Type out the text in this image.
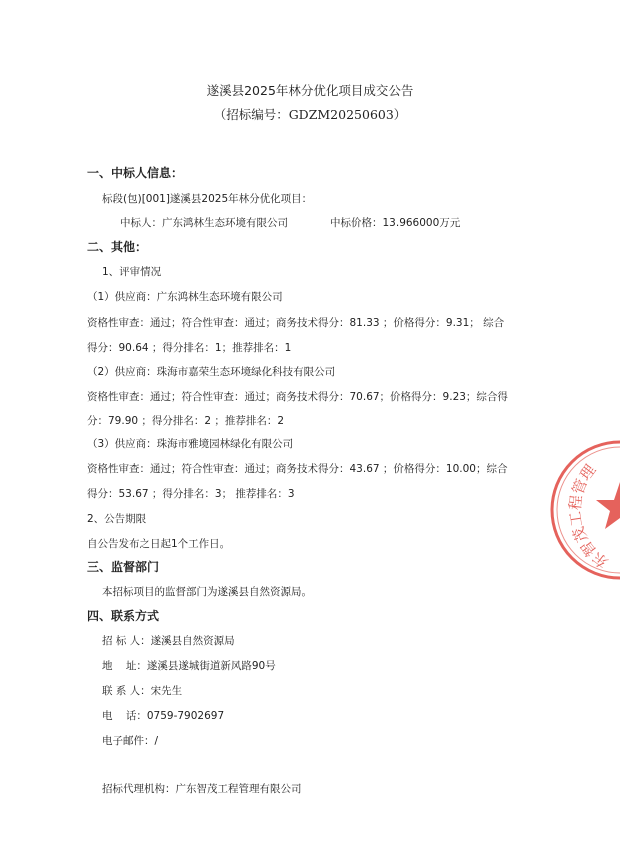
遂溪县2025年林分优化项目成交公告
（招标编号：GDZM20250603）
一、中标人信息：
标段(包)[001]遂溪县2025年林分优化项目：
中标人：广东鸿林生态环境有限公司	中标价格：13.966000万元
二、其他：
1、评审情况
（1）供应商：广东鸿林生态环境有限公司
资格性审查：通过；符合性审查：通过；商务技术得分：81.33 ；价格得分：9.31； 综合
得分：90.64 ；得分排名：1；推荐排名：1
（2）供应商：珠海市嘉荣生态环境绿化科技有限公司
资格性审查：通过；符合性审查：通过；商务技术得分：70.67；价格得分：9.23；综合得
分：79.90 ；得分排名：2 ；推荐排名：2
（3）供应商：珠海市雅境园林绿化有限公司
资格性审查：通过；符合性审查：通过；商务技术得分：43.67 ；价格得分：10.00；综合
得分：53.67 ；得分排名：3； 推荐排名：3
2、公告期限
自公告发布之日起1个工作日。
三、监督部门
本招标项目的监督部门为遂溪县自然资源局。
四、联系方式
招 标 人：遂溪县自然资源局
地    址：遂溪县遂城街道新风路90号
联 系 人：宋先生
电    话：0759-7902697
电子邮件：/
招标代理机构：广东智茂工程管理有限公司
东智茂工程管理
